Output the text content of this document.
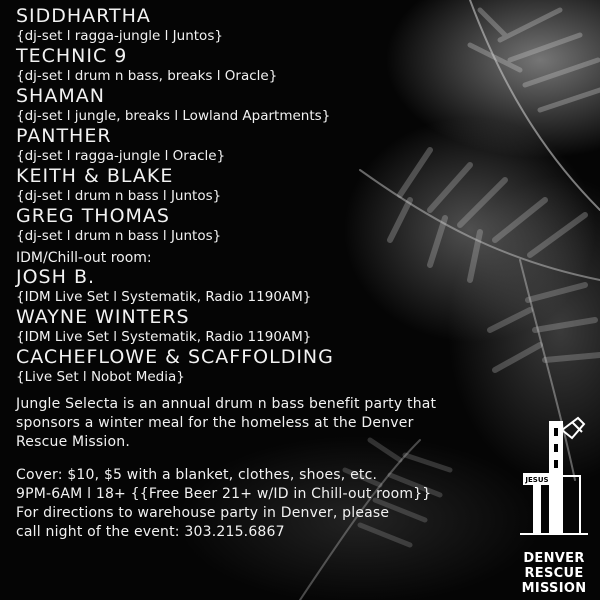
SIDDHARTHA
{dj-set l ragga-jungle l Juntos}
TECHNIC 9
{dj-set l drum n bass, breaks l Oracle}
SHAMAN
{dj-set l jungle, breaks l Lowland Apartments}
PANTHER
{dj-set l ragga-jungle l Oracle}
KEITH & BLAKE
{dj-set l drum n bass l Juntos}
GREG THOMAS
{dj-set l drum n bass l Juntos}
IDM/Chill-out room:
JOSH B.
{IDM Live Set l Systematik, Radio 1190AM}
WAYNE WINTERS
{IDM Live Set l Systematik, Radio 1190AM}
CACHEFLOWE & SCAFFOLDING
{Live Set l Nobot Media}
Jungle Selecta is an annual drum n bass benefit party that
sponsors a winter meal for the homeless at the Denver
Rescue Mission.
Cover: $10, $5 with a blanket, clothes, shoes, etc.
9PM-6AM l 18+ {{Free Beer 21+ w/ID in Chill-out room}}
For directions to warehouse party in Denver, please
call night of the event: 303.215.6867
JESUS
DENVER
RESCUE
MISSION
